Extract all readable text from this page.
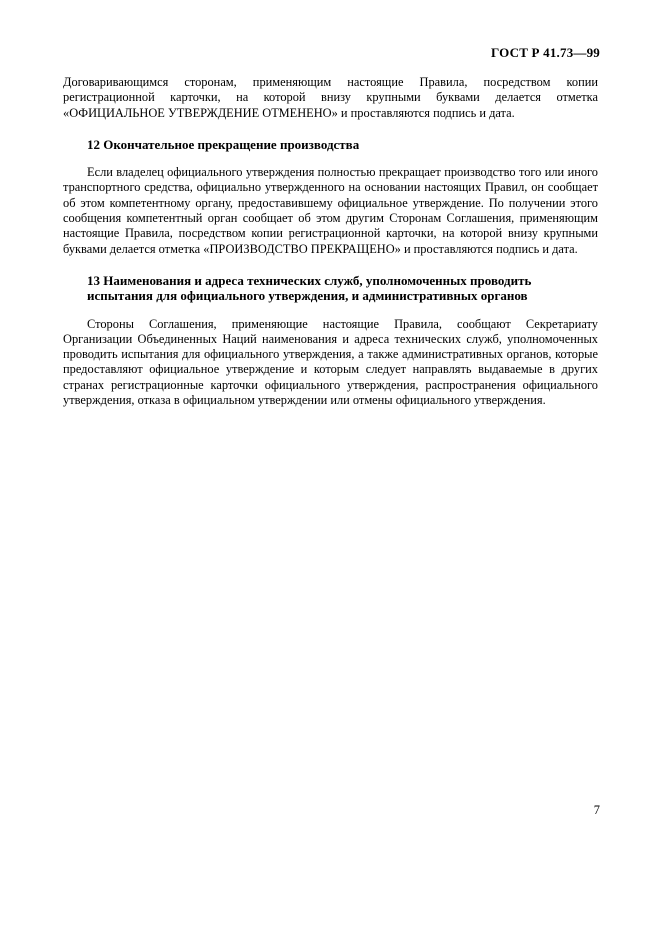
ГОСТ Р 41.73—99

Договаривающимся сторонам, применяющим настоящие Правила, посредством копии регистрационной карточки, на которой внизу крупными буквами делается отметка «ОФИЦИАЛЬНОЕ УТВЕРЖДЕНИЕ ОТМЕНЕНО» и проставляются подпись и дата.

12 Окончательное прекращение производства

Если владелец официального утверждения полностью прекращает производство того или иного транспортного средства, официально утвержденного на основании настоящих Правил, он сообщает об этом компетентному органу, предоставившему официальное утверждение. По получении этого сообщения компетентный орган сообщает об этом другим Сторонам Соглашения, применяющим настоящие Правила, посредством копии регистрационной карточки, на которой внизу крупными буквами делается отметка «ПРОИЗВОДСТВО ПРЕКРАЩЕНО» и проставляются подпись и дата.

13 Наименования и адреса технических служб, уполномоченных проводить испытания для официального утверждения, и административных органов

Стороны Соглашения, применяющие настоящие Правила, сообщают Секретариату Организации Объединенных Наций наименования и адреса технических служб, уполномоченных проводить испытания для официального утверждения, а также административных органов, которые предоставляют официальное утверждение и которым следует направлять выдаваемые в других странах регистрационные карточки официального утверждения, распространения официального утверждения, отказа в официальном утверждении или отмены официального утверждения.

7
